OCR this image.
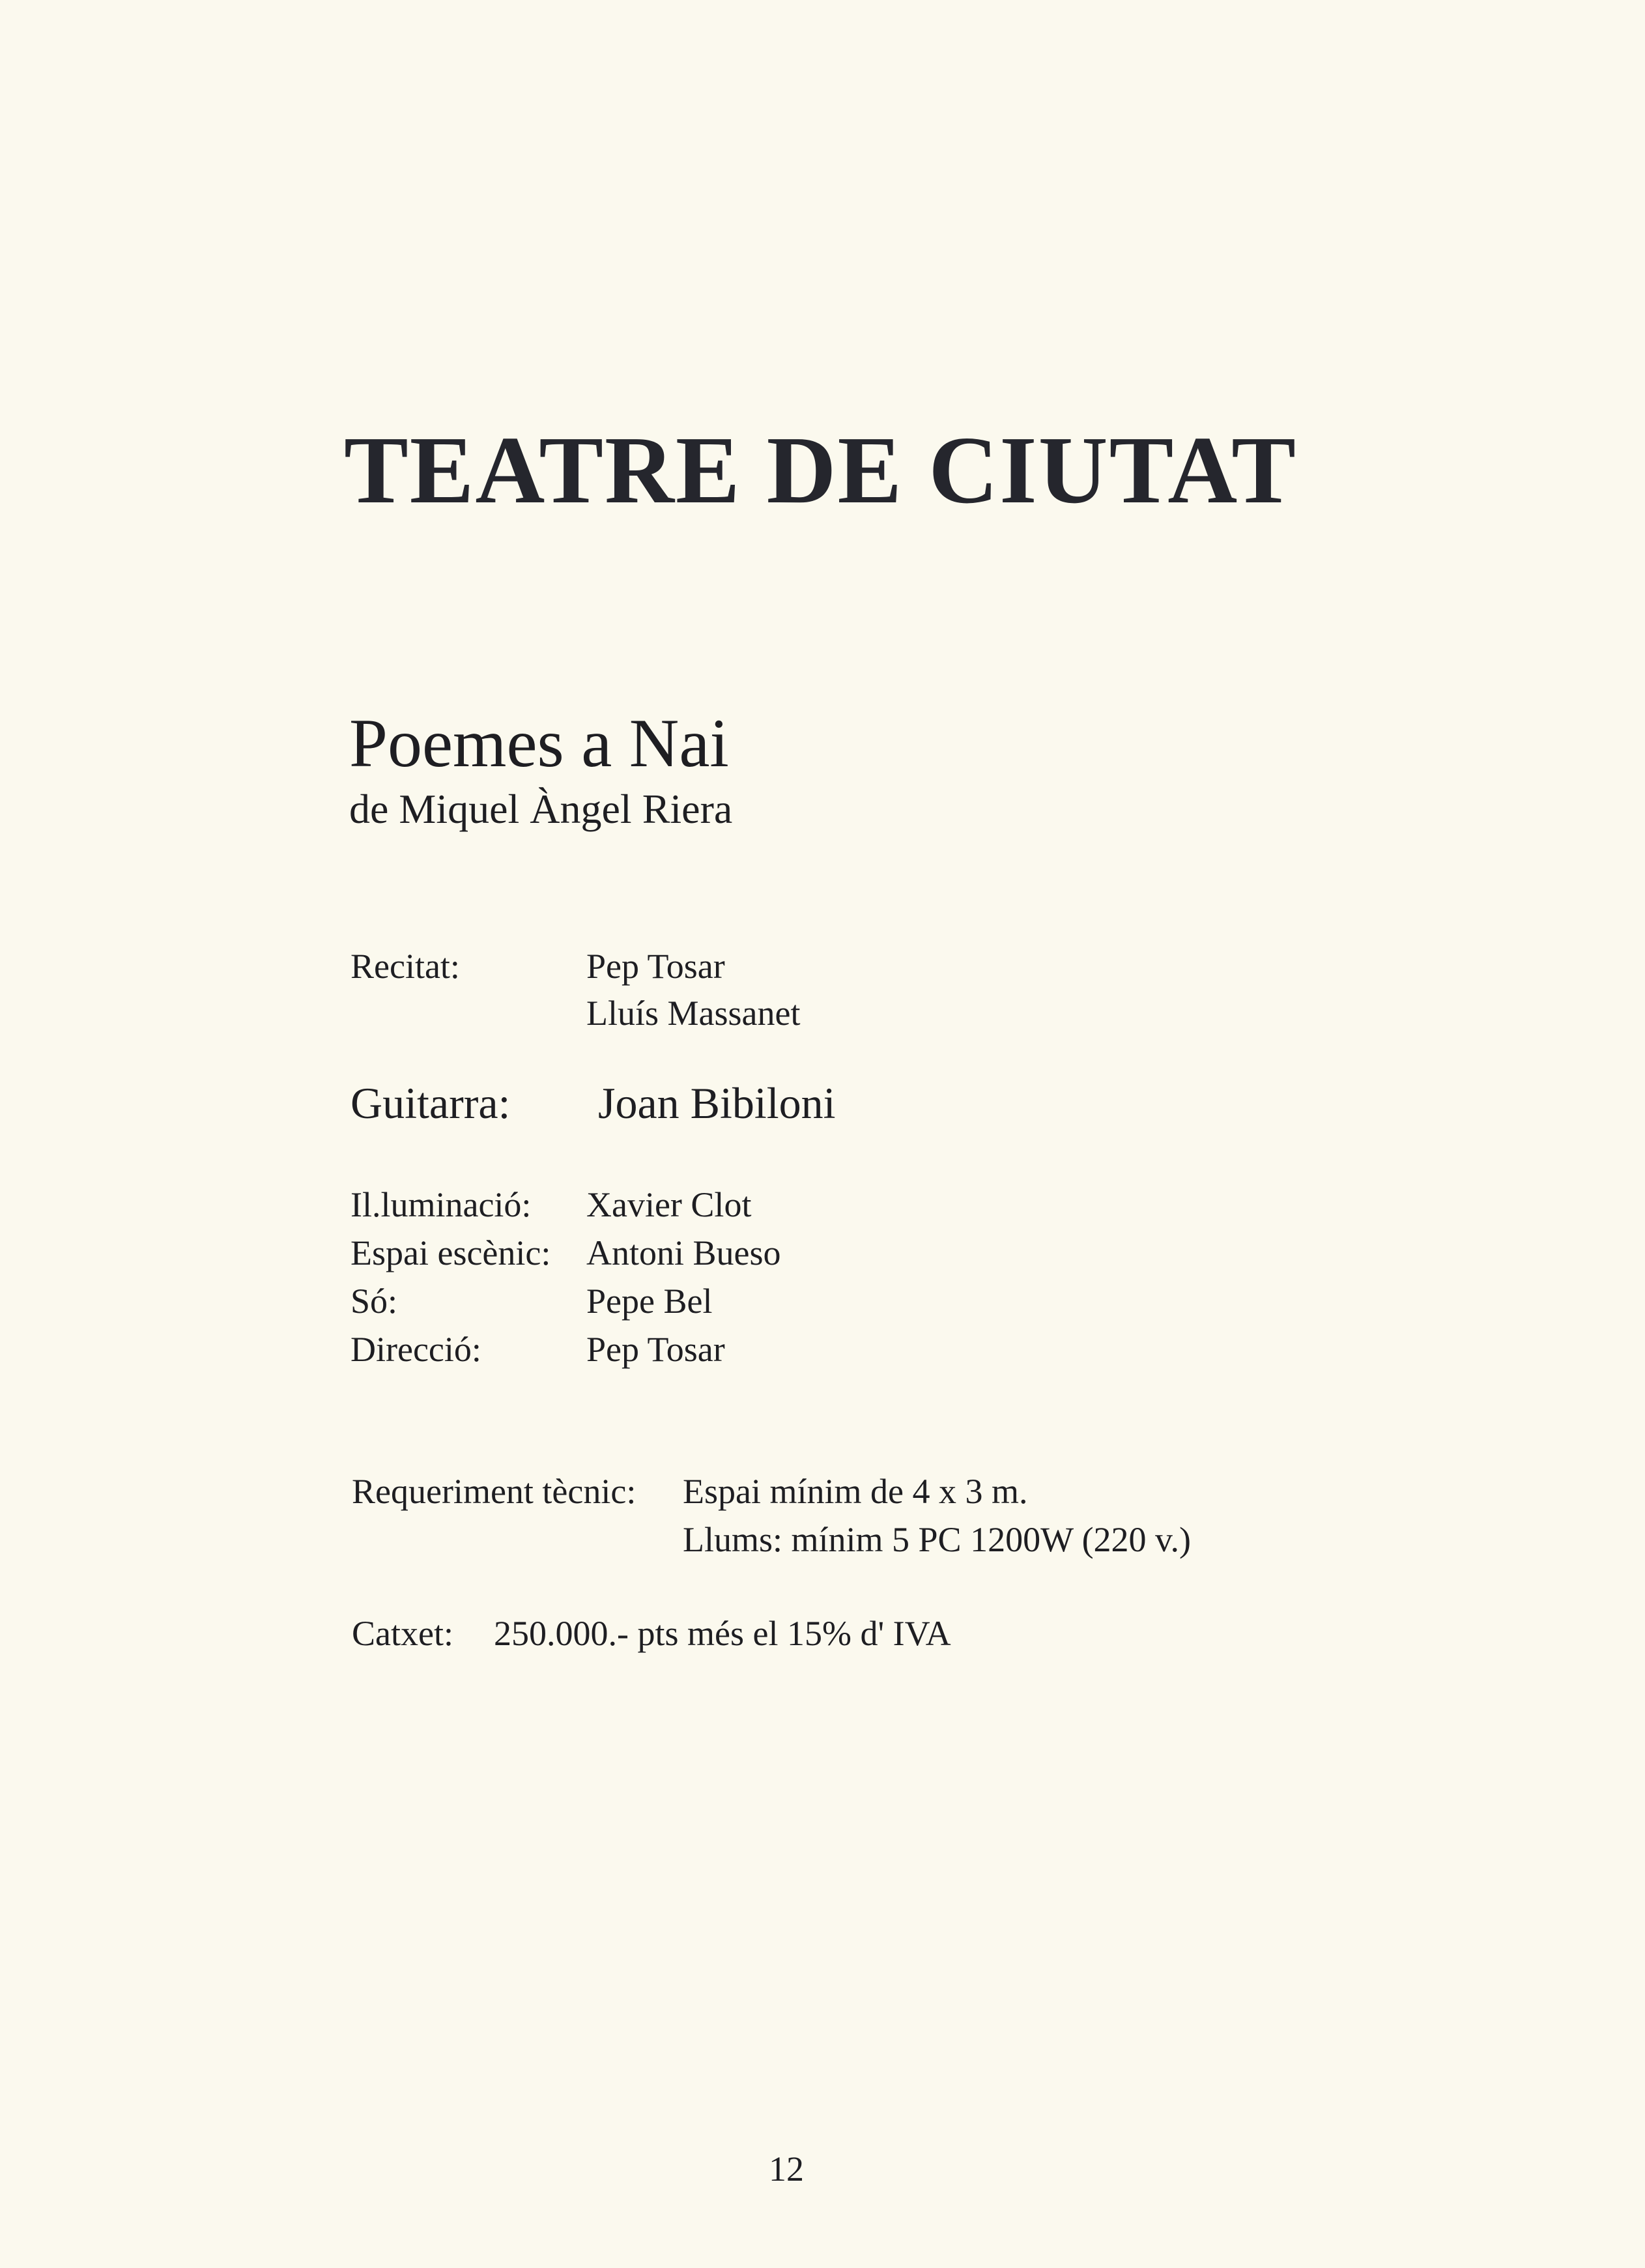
TEATRE DE CIUTAT
Poemes a Nai
de Miquel Àngel Riera
Recitat:	Pep Tosar
Lluís Massanet
Guitarra: Joan Bibiloni
Il.luminació: Xavier Clot
Espai escènic: Antoni Bueso
Só:	Pepe Bel
Direcció:	Pep Tosar
Requeriment tècnic: Espai mínim de 4 x 3 m.
Llums: mínim 5 PC 1200W (220 v.)
Catxet: 250.000.- pts més el 15% d' IVA
12
